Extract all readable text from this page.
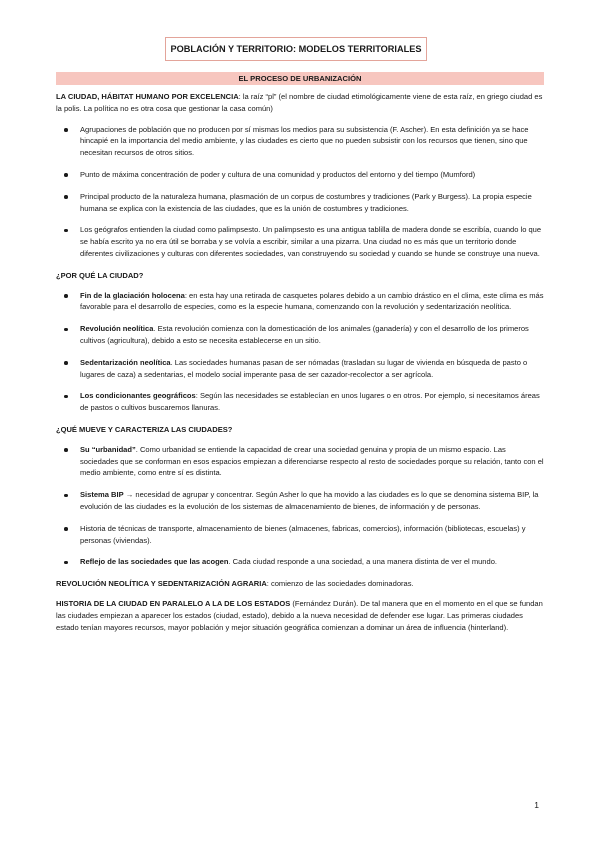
POBLACIÓN Y TERRITORIO: MODELOS TERRITORIALES
EL PROCESO DE URBANIZACIÓN

LA CIUDAD, HÁBITAT HUMANO POR EXCELENCIA: la raíz “pl” (el nombre de ciudad etimológicamente viene de esta raíz, en griego ciudad es la polis. La política no es otra cosa que gestionar la casa común)

Agrupaciones de población que no producen por sí mismas los medios para su subsistencia (F. Ascher). En esta definición ya se hace hincapié en la importancia del medio ambiente, y las ciudades es cierto que no pueden subsistir con los recursos que tienen, sino que necesitan recursos de otros sitios.
Punto de máxima concentración de poder y cultura de una comunidad y productos del entorno y del tiempo (Mumford)
Principal producto de la naturaleza humana, plasmación de un corpus de costumbres y tradiciones (Park y Burgess). La propia especie humana se explica con la existencia de las ciudades, que es la unión de costumbres y tradiciones.
Los geógrafos entienden la ciudad como palimpsesto. Un palimpsesto es una antigua tablilla de madera donde se escribía, cuando lo que se había escrito ya no era útil se borraba y se volvía a escribir, similar a una pizarra. Una ciudad no es más que un territorio donde diferentes civilizaciones y culturas con diferentes sociedades, van construyendo su sociedad y cuando se hunde se construye una nueva.

¿POR QUÉ LA CIUDAD?

Fin de la glaciación holocena: en esta hay una retirada de casquetes polares debido a un cambio drástico en el clima, este clima es más favorable para el desarrollo de especies, como es la especie humana, comenzando con la revolución y sedentarización neolítica.
Revolución neolítica. Esta revolución comienza con la domesticación de los animales (ganadería) y con el desarrollo de los primeros cultivos (agricultura), debido a esto se necesita establecerse en un sitio.
Sedentarización neolítica. Las sociedades humanas pasan de ser nómadas (trasladan su lugar de vivienda en búsqueda de pasto o lugares de caza) a sedentarias, el modelo social imperante pasa de ser cazador-recolector a ser agrícola.
Los condicionantes geográficos: Según las necesidades se establecían en unos lugares o en otros. Por ejemplo, si necesitamos áreas de pastos o cultivos buscaremos llanuras.

¿QUÉ MUEVE Y CARACTERIZA LAS CIUDADES?

Su “urbanidad”. Como urbanidad se entiende la capacidad de crear una sociedad genuina y propia de un mismo espacio. Las sociedades que se conforman en esos espacios empiezan a diferenciarse respecto al resto de sociedades porque su relación, tanto con el medio ambiente, como entre sí es distinta.
Sistema BIP → necesidad de agrupar y concentrar. Según Asher lo que ha movido a las ciudades es lo que se denomina sistema BIP, la evolución de las ciudades es la evolución de los sistemas de almacenamiento de bienes, de información y de personas.
Historia de técnicas de transporte, almacenamiento de bienes (almacenes, fabricas, comercios), información (bibliotecas, escuelas) y personas (viviendas).
Reflejo de las sociedades que las acogen. Cada ciudad responde a una sociedad, a una manera distinta de ver el mundo.

REVOLUCIÓN NEOLÍTICA Y SEDENTARIZACIÓN AGRARIA: comienzo de las sociedades dominadoras.

HISTORIA DE LA CIUDAD EN PARALELO A LA DE LOS ESTADOS (Fernández Durán). De tal manera que en el momento en el que se fundan las ciudades empiezan a aparecer los estados (ciudad, estado), debido a la nueva necesidad de defender ese lugar. Las primeras ciudades estado tenían mayores recursos, mayor población y mejor situación geográfica comienzan a dominar un área de influencia (hinterland).

1
